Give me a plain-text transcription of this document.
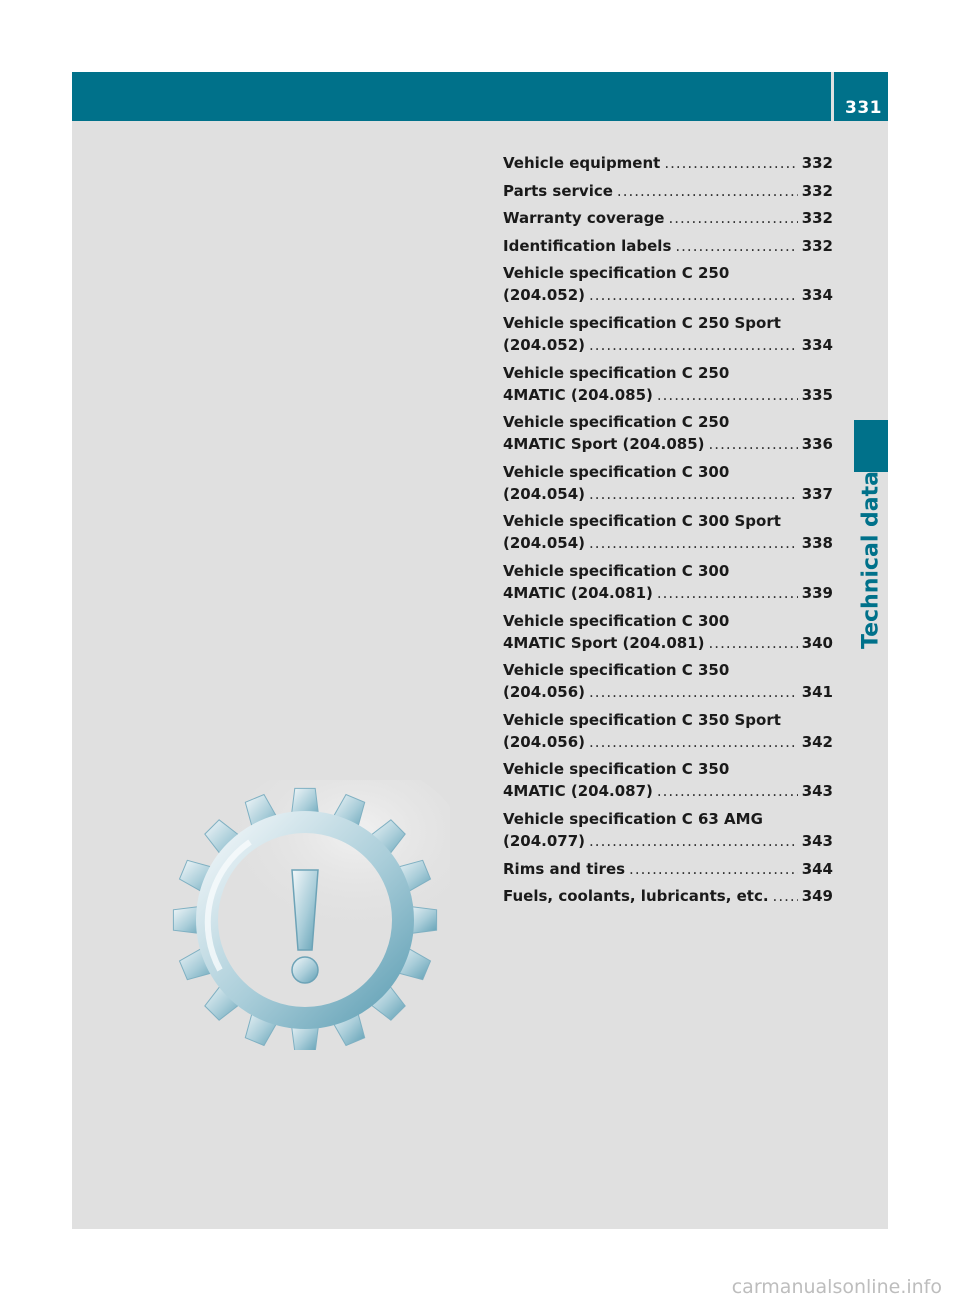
331
Technical data
Vehicle equipment .....	332
Parts service .....	332
Warranty coverage .....	332
Identification labels .....	332
Vehicle specification C 250
(204.052) .....	334
Vehicle specification C 250 Sport
(204.052) .....	334
Vehicle specification C 250
4MATIC (204.085) .....	335
Vehicle specification C 250
4MATIC Sport (204.085) .....	336
Vehicle specification C 300
(204.054) .....	337
Vehicle specification C 300 Sport
(204.054) .....	338
Vehicle specification C 300
4MATIC (204.081) .....	339
Vehicle specification C 300
4MATIC Sport (204.081) .....	340
Vehicle specification C 350
(204.056) .....	341
Vehicle specification C 350 Sport
(204.056) .....	342
Vehicle specification C 350
4MATIC (204.087) .....	343
Vehicle specification C 63 AMG
(204.077) .....	343
Rims and tires .....	344
Fuels, coolants, lubricants, etc. ..... 349
carmanualsonline.info
